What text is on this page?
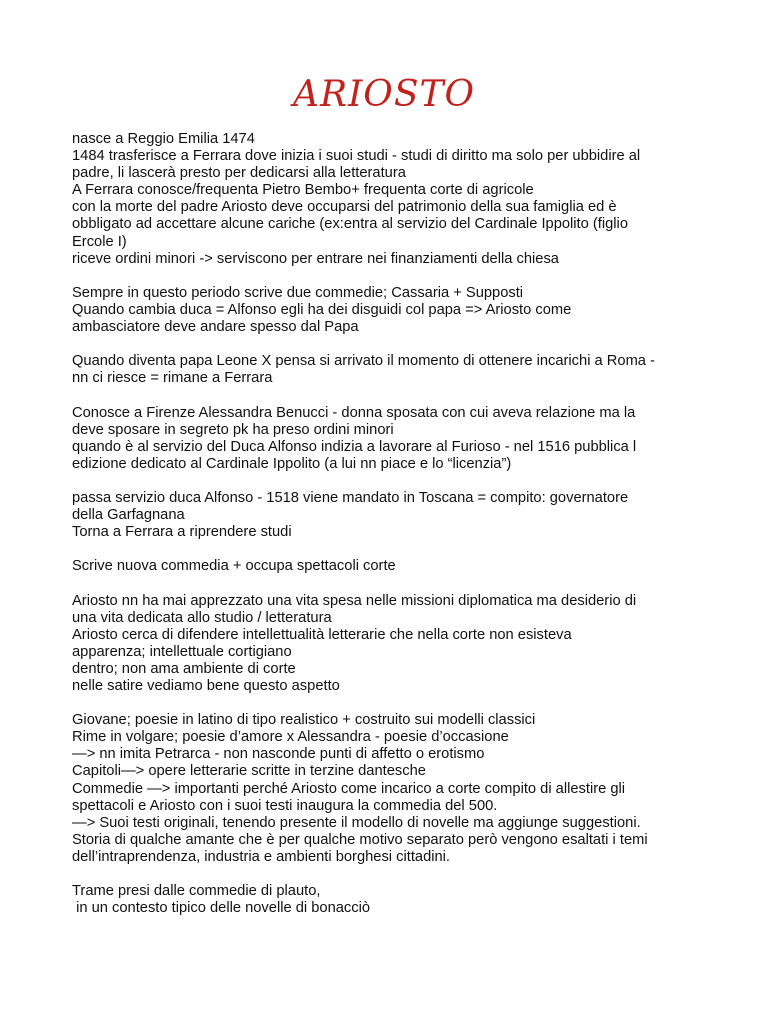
ARIOSTO
nasce a Reggio Emilia 1474
1484 trasferisce a Ferrara dove inizia i suoi studi - studi di diritto ma solo per ubbidire al
padre, li lascerà presto per dedicarsi alla letteratura
A Ferrara conosce/frequenta Pietro Bembo+ frequenta corte di agricole
con la morte del padre Ariosto deve occuparsi del patrimonio della sua famiglia ed è
obbligato ad accettare alcune cariche (ex:entra al servizio del Cardinale Ippolito (figlio
Ercole I)
riceve ordini minori -> serviscono per entrare nei finanziamenti della chiesa
Sempre in questo periodo scrive due commedie; Cassaria + Supposti
Quando cambia duca = Alfonso egli ha dei disguidi col papa => Ariosto come
ambasciatore deve andare spesso dal Papa
Quando diventa papa Leone X pensa si arrivato il momento di ottenere incarichi a Roma -
nn ci riesce = rimane a Ferrara
Conosce a Firenze Alessandra Benucci - donna sposata con cui aveva relazione ma la
deve sposare in segreto pk ha preso ordini minori
quando è al servizio del Duca Alfonso indizia a lavorare al Furioso - nel 1516 pubblica l
edizione dedicato al Cardinale Ippolito (a lui nn piace e lo “licenzia”)
passa servizio duca Alfonso - 1518 viene mandato in Toscana = compito: governatore
della Garfagnana
Torna a Ferrara a riprendere studi
Scrive nuova commedia + occupa spettacoli corte
Ariosto nn ha mai apprezzato una vita spesa nelle missioni diplomatica ma desiderio di
una vita dedicata allo studio / letteratura
Ariosto cerca di difendere intellettualità letterarie che nella corte non esisteva
apparenza; intellettuale cortigiano
dentro; non ama ambiente di corte
nelle satire vediamo bene questo aspetto
Giovane; poesie in latino di tipo realistico + costruito sui modelli classici
Rime in volgare; poesie d’amore x Alessandra - poesie d’occasione
—> nn imita Petrarca - non nasconde punti di affetto o erotismo
Capitoli—> opere letterarie scritte in terzine dantesche
Commedie —> importanti perché Ariosto come incarico a corte compito di allestire gli
spettacoli e Ariosto con i suoi testi inaugura la commedia del 500.
—> Suoi testi originali, tenendo presente il modello di novelle ma aggiunge suggestioni.
Storia di qualche amante che è per qualche motivo separato però vengono esaltati i temi
dell’intraprendenza, industria e ambienti borghesi cittadini.
Trame presi dalle commedie di plauto,
in un contesto tipico delle novelle di bonacciò
